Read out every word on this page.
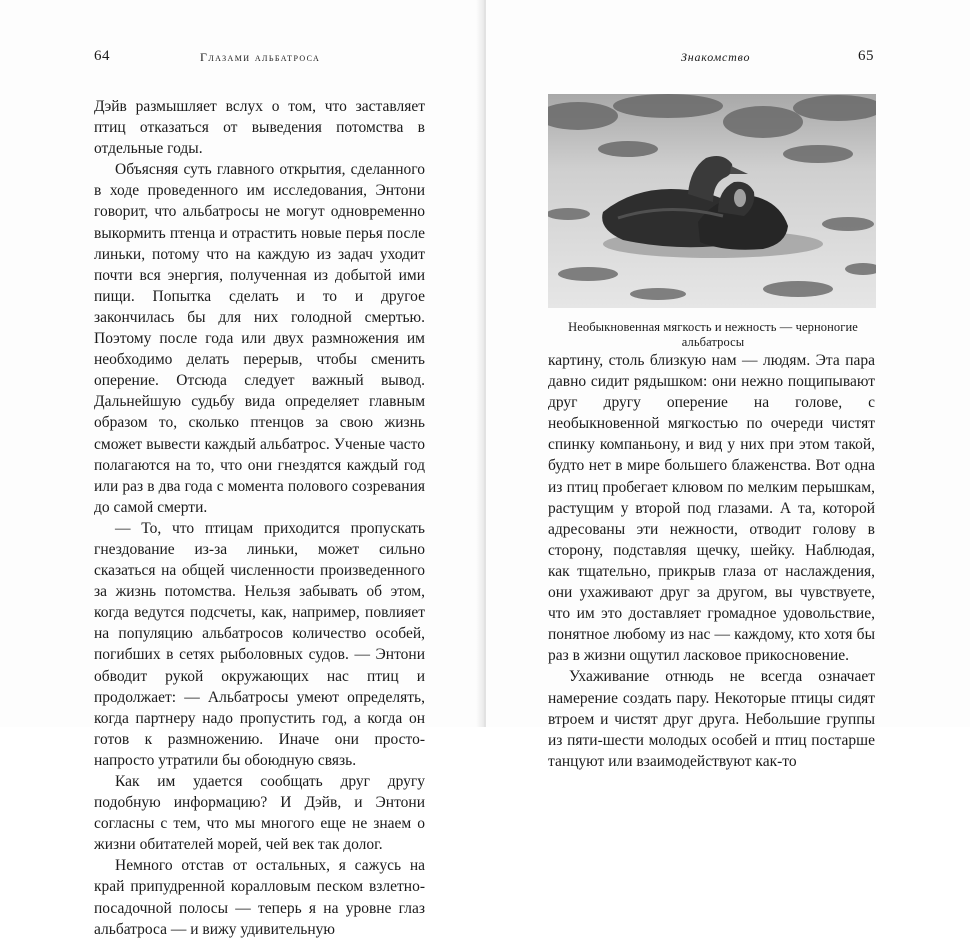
64	Глазами альбатроса

Дэйв размышляет вслух о том, что заставляет птиц отказаться от выведения потомства в отдельные годы.

Объясняя суть главного открытия, сделанного в ходе проведенного им исследования, Энтони говорит, что альбатросы не могут одновременно выкормить птенца и отрастить новые перья после линьки, потому что на каждую из задач уходит почти вся энергия, полученная из добытой ими пищи. Попытка сделать и то и другое закончилась бы для них голодной смертью. Поэтому после года или двух размножения им необходимо делать перерыв, чтобы сменить оперение. Отсюда следует важный вывод. Дальнейшую судьбу вида определяет главным образом то, сколько птенцов за свою жизнь сможет вывести каждый альбатрос. Ученые часто полагаются на то, что они гнездятся каждый год или раз в два года с момента полового созревания до самой смерти.

— То, что птицам приходится пропускать гнездование из-за линьки, может сильно сказаться на общей численности произведенного за жизнь потомства. Нельзя забывать об этом, когда ведутся подсчеты, как, например, повлияет на популяцию альбатросов количество особей, погибших в сетях рыболовных судов. — Энтони обводит рукой окружающих нас птиц и продолжает: — Альбатросы умеют определять, когда партнеру надо пропустить год, а когда он готов к размножению. Иначе они просто-напросто утратили бы обоюдную связь.

Как им удается сообщать друг другу подобную информацию? И Дэйв, и Энтони согласны с тем, что мы многого еще не знаем о жизни обитателей морей, чей век так долог.

Немного отстав от остальных, я сажусь на край припудренной коралловым песком взлетно-посадочной полосы — теперь я на уровне глаз альбатроса — и вижу удивительную

Знакомство	65
Необыкновенная мягкость и нежность — черноногие альбатросы

картину, столь близкую нам — людям. Эта пара давно сидит рядышком: они нежно пощипывают друг другу оперение на голове, с необыкновенной мягкостью по очереди чистят спинку компаньону, и вид у них при этом такой, будто нет в мире большего блаженства. Вот одна из птиц пробегает клювом по мелким перышкам, растущим у второй под глазами. А та, которой адресованы эти нежности, отводит голову в сторону, подставляя щечку, шейку. Наблюдая, как тщательно, прикрыв глаза от наслаждения, они ухаживают друг за другом, вы чувствуете, что им это доставляет громадное удовольствие, понятное любому из нас — каждому, кто хотя бы раз в жизни ощутил ласковое прикосновение.

Ухаживание отнюдь не всегда означает намерение создать пару. Некоторые птицы сидят втроем и чистят друг друга. Небольшие группы из пяти-шести молодых особей и птиц постарше танцуют или взаимодействуют как-то
